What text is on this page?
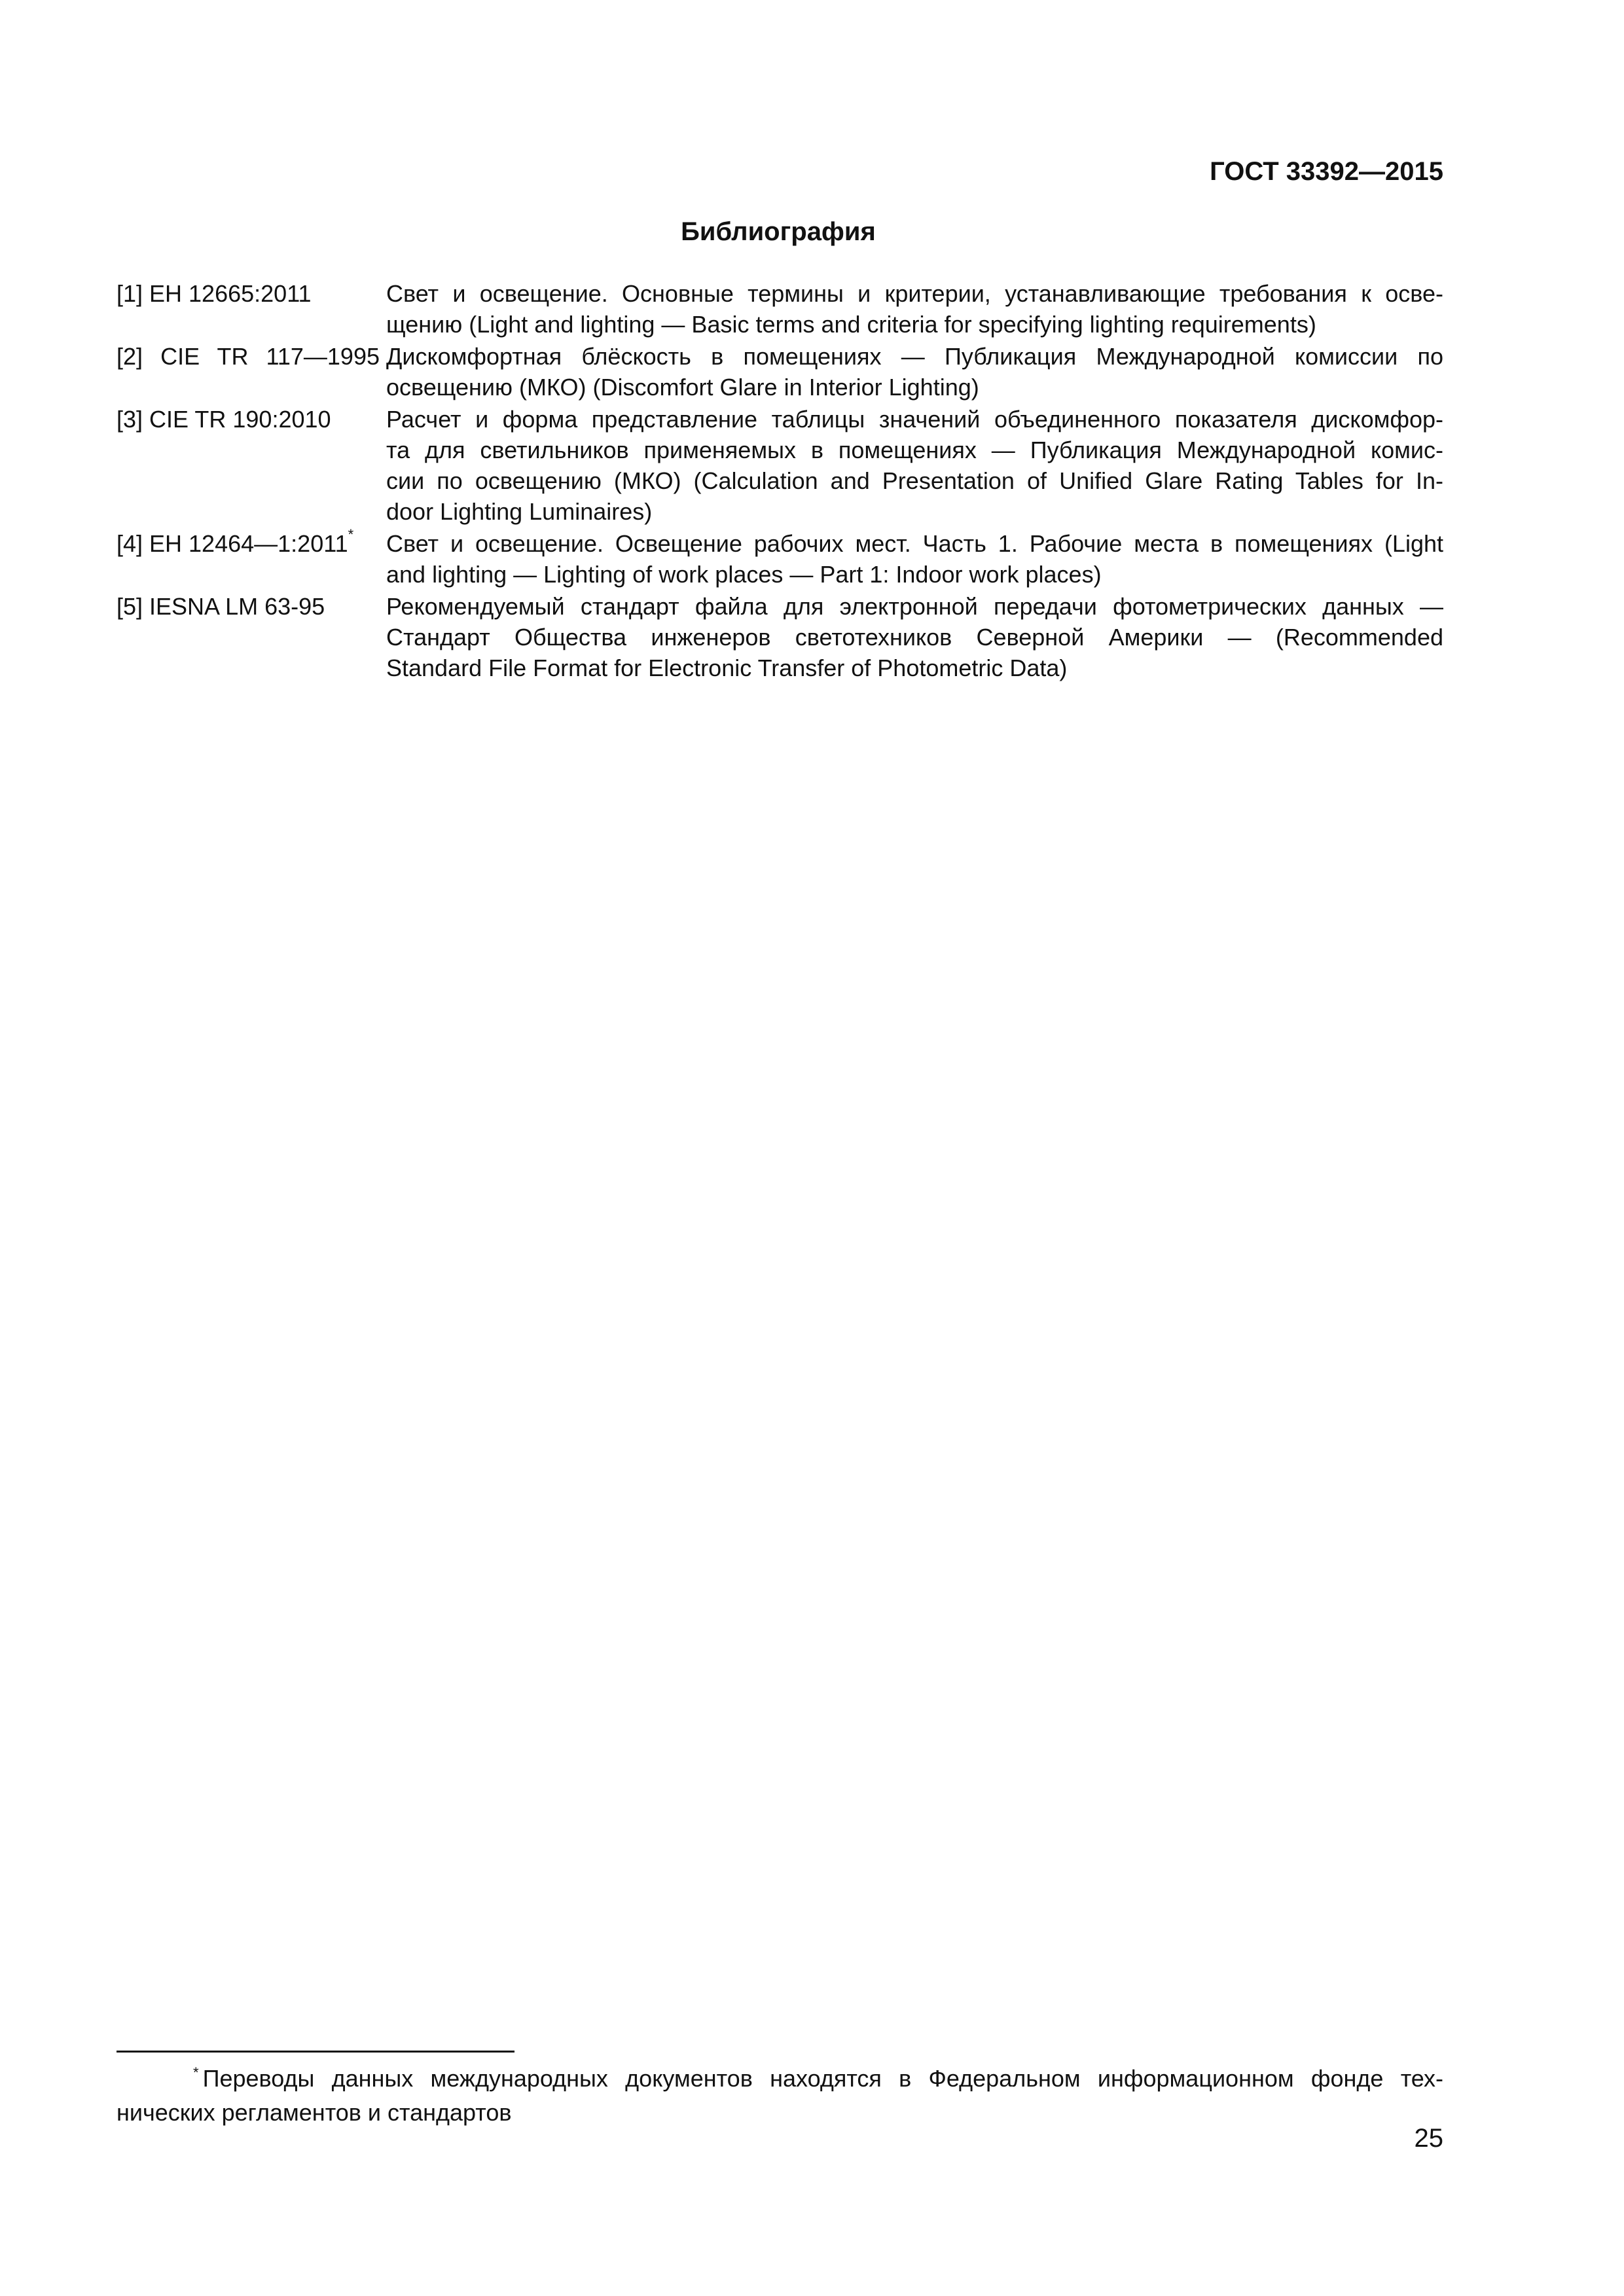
ГОСТ 33392—2015
Библиография
[1] ЕН 12665:2011	Свет и освещение. Основные термины и критерии, устанавливающие требования к осве-
щению (Light and lighting — Basic terms and criteria for specifying lighting requirements)
[2] CIE TR 117—1995 Дискомфортная блёскость в помещениях — Публикация Международной комиссии по
освещению (МКО) (Discomfort Glare in Interior Lighting)
[3] CIE TR 190:2010	Расчет и форма представление таблицы значений объединенного показателя дискомфор-
та для светильников применяемых в помещениях — Публикация Международной комис-
сии по освещению (МКО) (Calculation and Presentation of Unified Glare Rating Tables for In-
door Lighting Luminaires)
[4] ЕН 12464—1:2011*	Свет и освещение. Освещение рабочих мест. Часть 1. Рабочие места в помещениях (Light
and lighting — Lighting of work places — Part 1: Indoor work places)
[5] IESNA LM 63-95	Рекомендуемый стандарт файла для электронной передачи фотометрических данных —
Стандарт Общества инженеров светотехников Северной Америки — (Recommended
Standard File Format for Electronic Transfer of Photometric Data)
* Переводы данных международных документов находятся в Федеральном информационном фонде тех-
нических регламентов и стандартов
25
